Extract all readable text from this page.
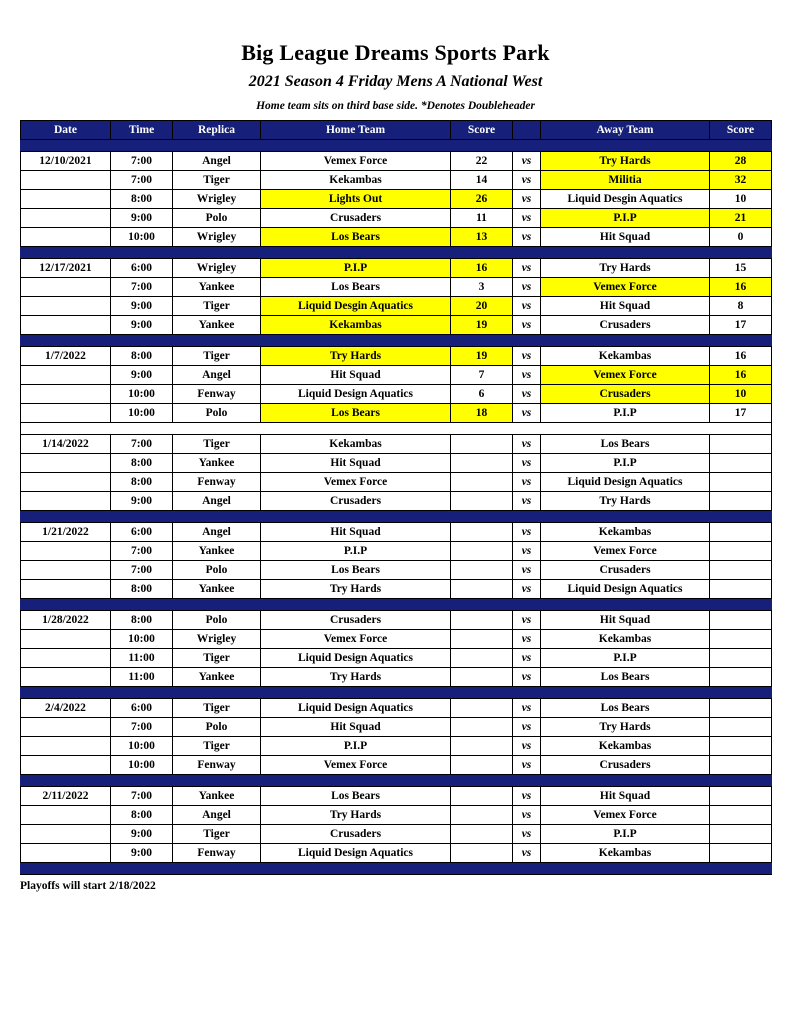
Big League Dreams Sports Park
2021 Season 4 Friday Mens A National West
Home team sits on third base side. *Denotes Doubleheader
Date	Time	Replica	Home Team	Score		Away Team	Score

12/10/2021	7:00	Angel	Vemex Force	22	vs	Try Hards	28
	7:00	Tiger	Kekambas	14	vs	Militia	32
	8:00	Wrigley	Lights Out	26	vs	Liquid Desgin Aquatics	10
	9:00	Polo	Crusaders	11	vs	P.I.P	21
	10:00	Wrigley	Los Bears	13	vs	Hit Squad	0

12/17/2021	6:00	Wrigley	P.I.P	16	vs	Try Hards	15
	7:00	Yankee	Los Bears	3	vs	Vemex Force	16
	9:00	Tiger	Liquid Desgin Aquatics	20	vs	Hit Squad	8
	9:00	Yankee	Kekambas	19	vs	Crusaders	17

1/7/2022	8:00	Tiger	Try Hards	19	vs	Kekambas	16
	9:00	Angel	Hit Squad	7	vs	Vemex Force	16
	10:00	Fenway	Liquid Design Aquatics	6	vs	Crusaders	10
	10:00	Polo	Los Bears	18	vs	P.I.P	17

1/14/2022	7:00	Tiger	Kekambas		vs	Los Bears	
	8:00	Yankee	Hit Squad		vs	P.I.P	
	8:00	Fenway	Vemex Force		vs	Liquid Design Aquatics	
	9:00	Angel	Crusaders		vs	Try Hards	

1/21/2022	6:00	Angel	Hit Squad		vs	Kekambas	
	7:00	Yankee	P.I.P		vs	Vemex Force	
	7:00	Polo	Los Bears		vs	Crusaders	
	8:00	Yankee	Try Hards		vs	Liquid Design Aquatics	

1/28/2022	8:00	Polo	Crusaders		vs	Hit Squad	
	10:00	Wrigley	Vemex Force		vs	Kekambas	
	11:00	Tiger	Liquid Design Aquatics		vs	P.I.P	
	11:00	Yankee	Try Hards		vs	Los Bears	

2/4/2022	6:00	Tiger	Liquid Design Aquatics		vs	Los Bears	
	7:00	Polo	Hit Squad		vs	Try Hards	
	10:00	Tiger	P.I.P		vs	Kekambas	
	10:00	Fenway	Vemex Force		vs	Crusaders	

2/11/2022	7:00	Yankee	Los Bears		vs	Hit Squad	
	8:00	Angel	Try Hards		vs	Vemex Force	
	9:00	Tiger	Crusaders		vs	P.I.P	
	9:00	Fenway	Liquid Design Aquatics		vs	Kekambas	

Playoffs will start 2/18/2022
